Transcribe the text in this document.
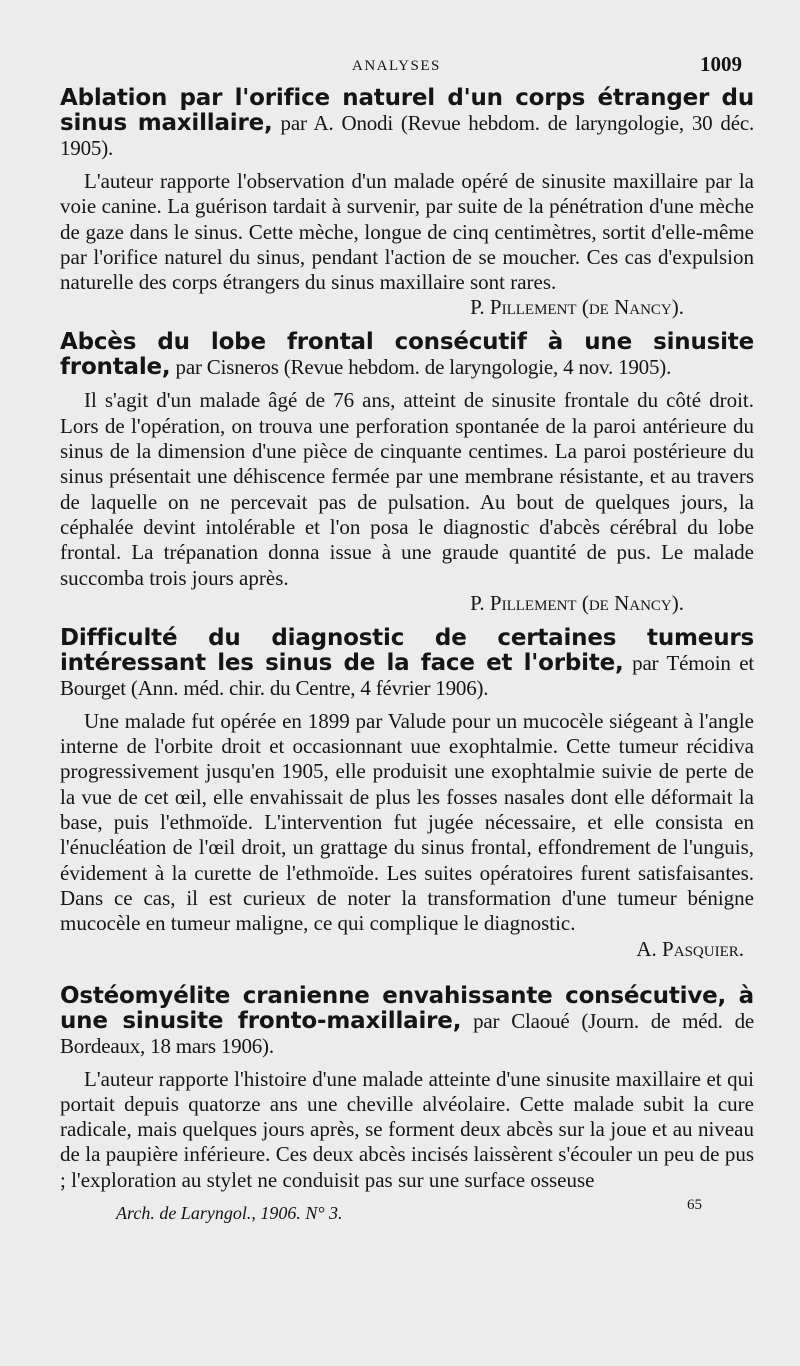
ANALYSES	1009
Ablation par l'orifice naturel d'un corps étranger du sinus maxillaire, par A. Onodi (Revue hebdom. de laryngologie, 30 déc. 1905).

L'auteur rapporte l'observation d'un malade opéré de sinusite maxillaire par la voie canine. La guérison tardait à survenir, par suite de la pénétration d'une mèche de gaze dans le sinus. Cette mèche, longue de cinq centimètres, sortit d'elle-même par l'orifice naturel du sinus, pendant l'action de se moucher. Ces cas d'expulsion naturelle des corps étrangers du sinus maxillaire sont rares.

P. Pillement (de Nancy).
Abcès du lobe frontal consécutif à une sinusite frontale, par Cisneros (Revue hebdom. de laryngologie, 4 nov. 1905).

Il s'agit d'un malade âgé de 76 ans, atteint de sinusite frontale du côté droit. Lors de l'opération, on trouva une perforation spontanée de la paroi antérieure du sinus de la dimension d'une pièce de cinquante centimes. La paroi postérieure du sinus présentait une déhiscence fermée par une membrane résistante, et au travers de laquelle on ne percevait pas de pulsation. Au bout de quelques jours, la céphalée devint intolérable et l'on posa le diagnostic d'abcès cérébral du lobe frontal. La trépanation donna issue à une graude quantité de pus. Le malade succomba trois jours après.

P. Pillement (de Nancy).
Difficulté du diagnostic de certaines tumeurs intéressant les sinus de la face et l'orbite, par Témoin et Bourget (Ann. méd. chir. du Centre, 4 février 1906).

Une malade fut opérée en 1899 par Valude pour un mucocèle siégeant à l'angle interne de l'orbite droit et occasionnant uue exophtalmie. Cette tumeur récidiva progressivement jusqu'en 1905, elle produisit une exophtalmie suivie de perte de la vue de cet œil, elle envahissait de plus les fosses nasales dont elle déformait la base, puis l'ethmoïde. L'intervention fut jugée nécessaire, et elle consista en l'énucléation de l'œil droit, un grattage du sinus frontal, effondrement de l'unguis, évidement à la curette de l'ethmoïde. Les suites opératoires furent satisfaisantes. Dans ce cas, il est curieux de noter la transformation d'une tumeur bénigne mucocèle en tumeur maligne, ce qui complique le diagnostic.

A. Pasquier.
Ostéomyélite cranienne envahissante consécutive, à une sinusite fronto-maxillaire, par Claoué (Journ. de méd. de Bordeaux, 18 mars 1906).

L'auteur rapporte l'histoire d'une malade atteinte d'une sinusite maxillaire et qui portait depuis quatorze ans une cheville alvéolaire. Cette malade subit la cure radicale, mais quelques jours après, se forment deux abcès sur la joue et au niveau de la paupière inférieure. Ces deux abcès incisés laissèrent s'écouler un peu de pus ; l'exploration au stylet ne conduisit pas sur une surface osseuse

Arch. de Laryngol., 1906. N° 3.	65
